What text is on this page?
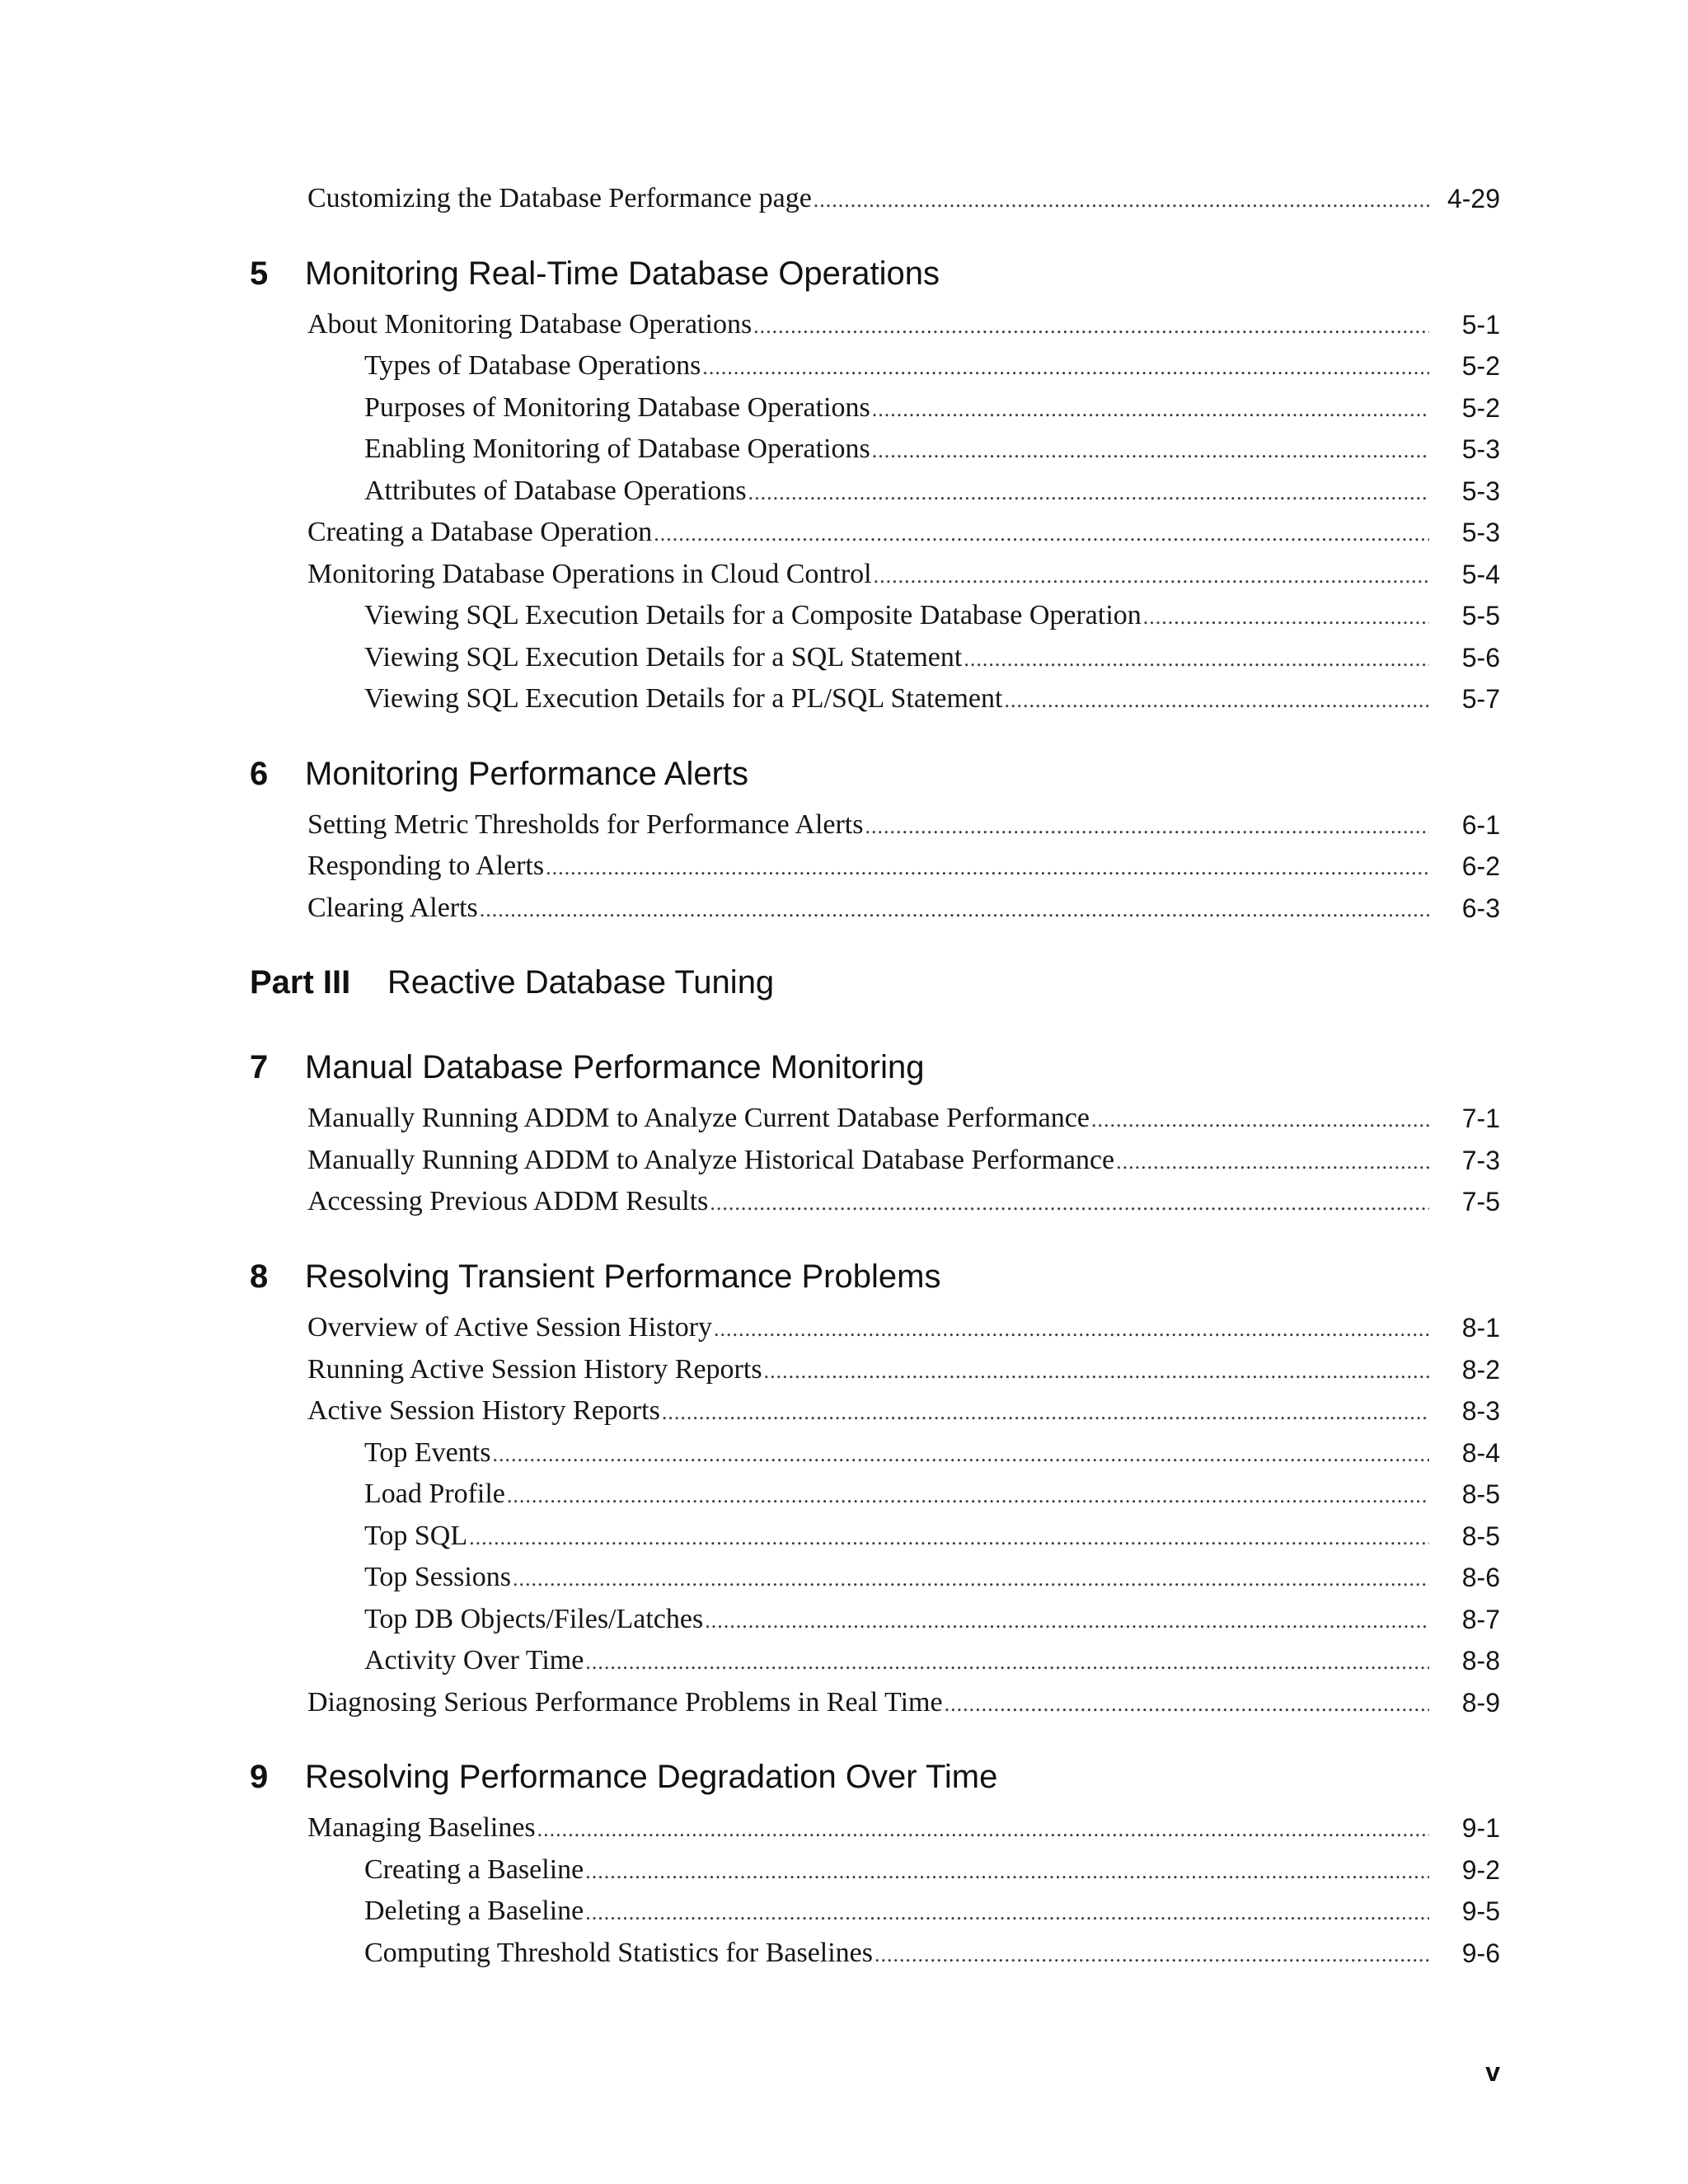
Customizing the Database Performance page .....	4-29
5 Monitoring Real-Time Database Operations
About Monitoring Database Operations .....	5-1
Types of Database Operations .....	5-2
Purposes of Monitoring Database Operations .....	5-2
Enabling Monitoring of Database Operations .....	5-3
Attributes of Database Operations .....	5-3
Creating a Database Operation .....	5-3
Monitoring Database Operations in Cloud Control .....	5-4
Viewing SQL Execution Details for a Composite Database Operation .....	5-5
Viewing SQL Execution Details for a SQL Statement .....	5-6
Viewing SQL Execution Details for a PL/SQL Statement .....	5-7
6 Monitoring Performance Alerts
Setting Metric Thresholds for Performance Alerts .....	6-1
Responding to Alerts .....	6-2
Clearing Alerts .....	6-3
Part III Reactive Database Tuning
7 Manual Database Performance Monitoring
Manually Running ADDM to Analyze Current Database Performance .....	7-1
Manually Running ADDM to Analyze Historical Database Performance .....	7-3
Accessing Previous ADDM Results .....	7-5
8 Resolving Transient Performance Problems
Overview of Active Session History .....	8-1
Running Active Session History Reports .....	8-2
Active Session History Reports .....	8-3
Top Events .....	8-4
Load Profile .....	8-5
Top SQL .....	8-5
Top Sessions .....	8-6
Top DB Objects/Files/Latches .....	8-7
Activity Over Time .....	8-8
Diagnosing Serious Performance Problems in Real Time .....	8-9
9 Resolving Performance Degradation Over Time
Managing Baselines .....	9-1
Creating a Baseline .....	9-2
Deleting a Baseline .....	9-5
Computing Threshold Statistics for Baselines .....	9-6
v
